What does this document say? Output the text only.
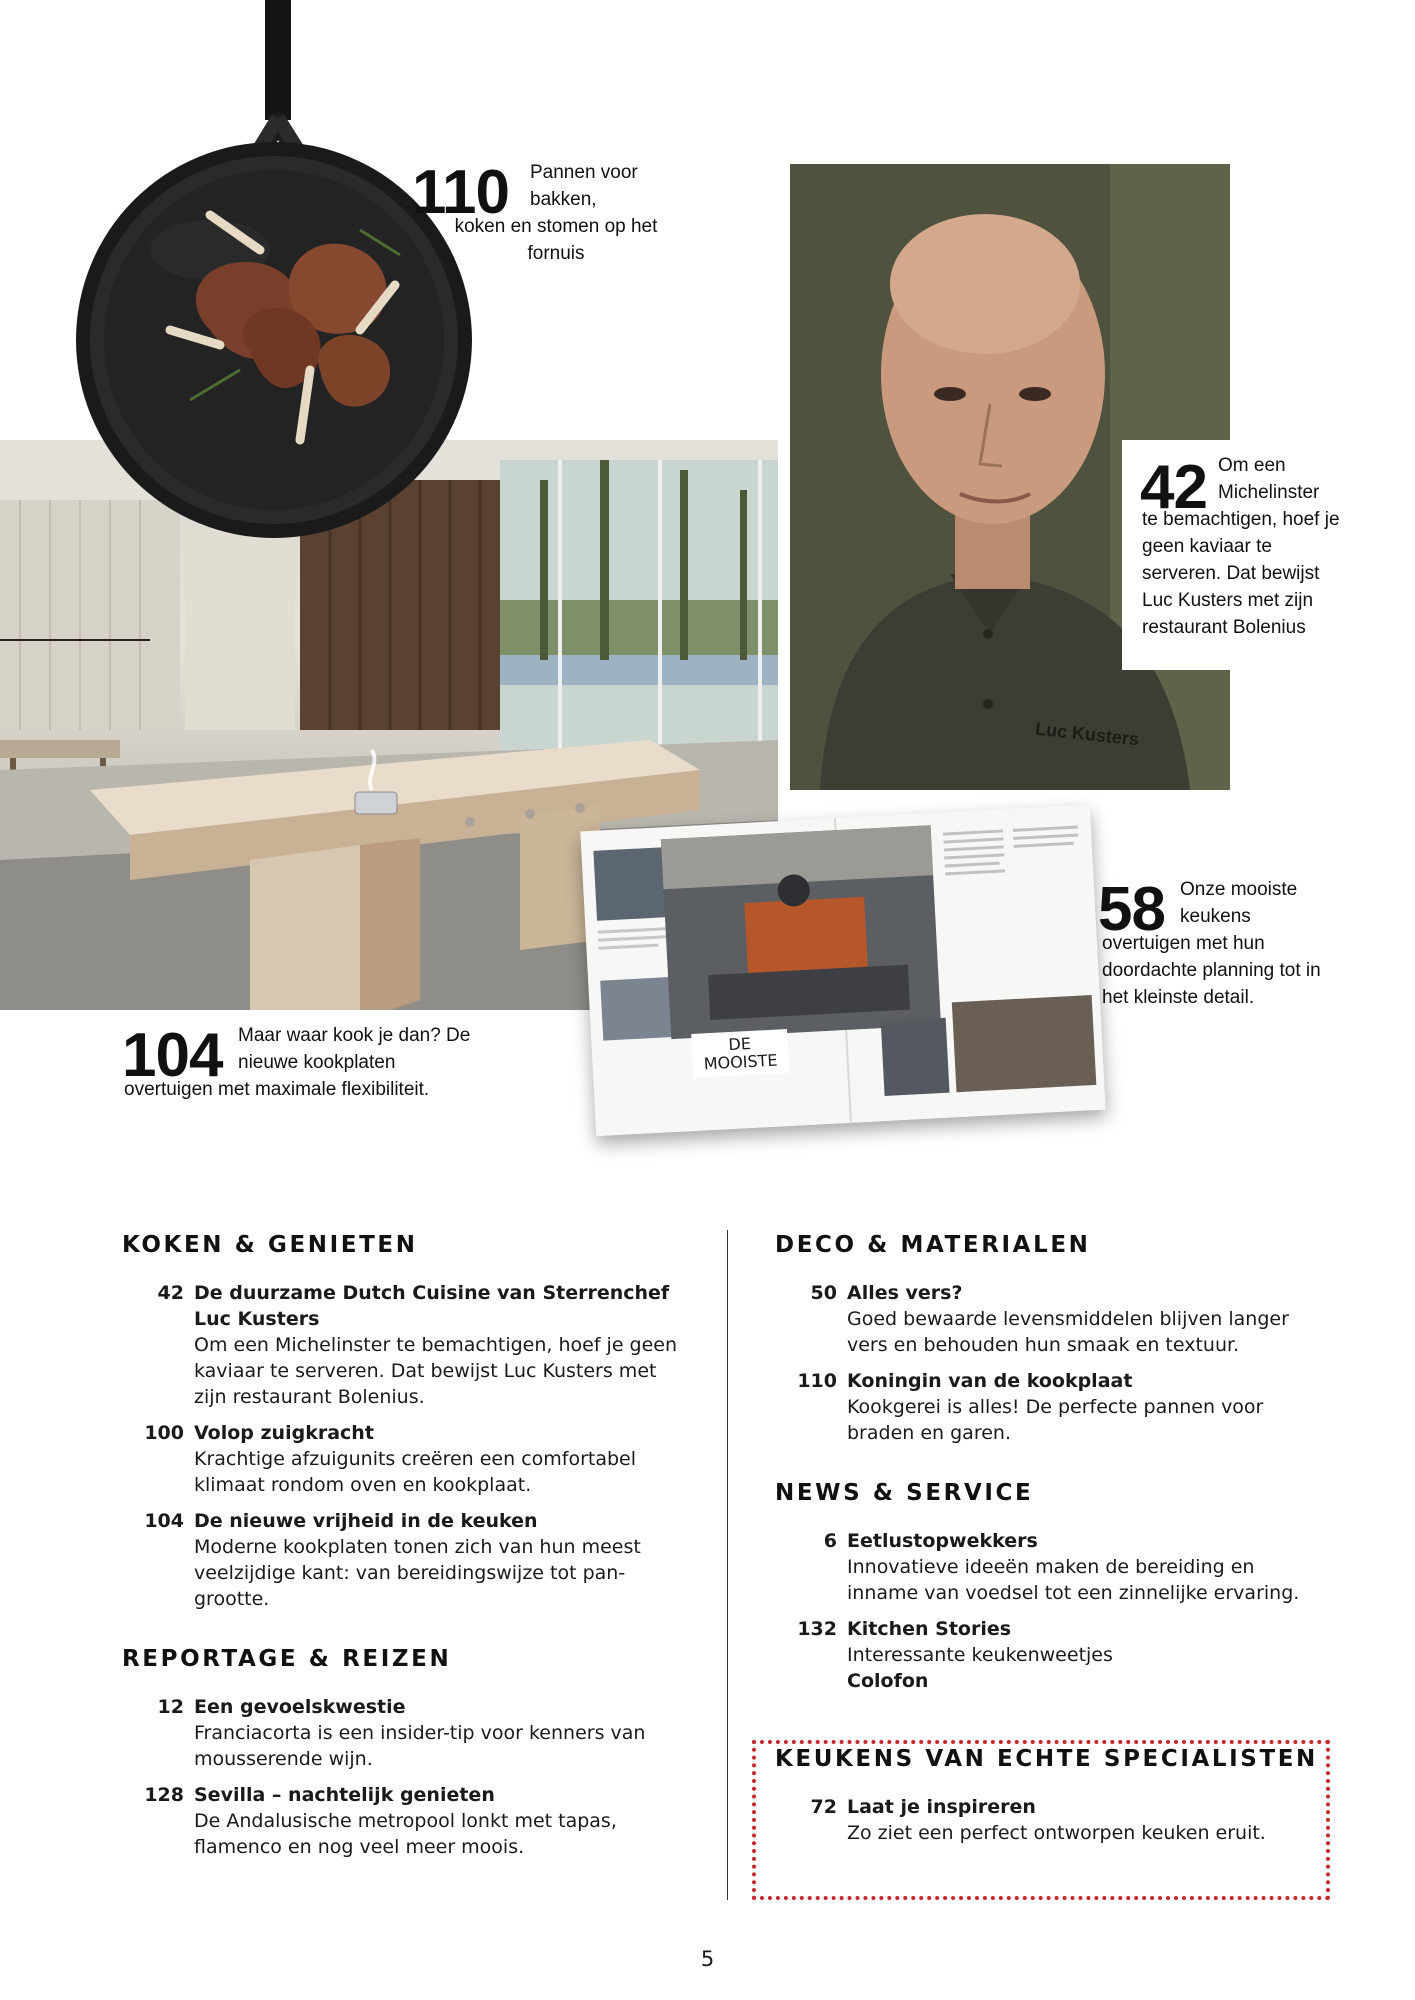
Luc Kusters
DE MOOISTE
110 Pannen voor bakken,
koken en stomen op het fornuis
42 Om een Michelinster
te bemachtigen, hoef je geen kaviaar te serveren. Dat bewijst Luc Kusters met zijn restaurant Bolenius
58 Onze mooiste keukens
overtuigen met hun doordachte planning tot in het kleinste detail.
104 Maar waar kook je dan? De nieuwe kookplaten
overtuigen met maximale flexibiliteit.
KOKEN & GENIETEN
42 De duurzame Dutch Cuisine van Sterrenchef Luc Kusters
Om een Michelinster te bemachtigen, hoef je geen kaviaar te serveren. Dat bewijst Luc Kusters met zijn restaurant Bolenius.
100 Volop zuigkracht
Krachtige afzuigunits creëren een comfortabel klimaat rondom oven en kookplaat.
104 De nieuwe vrijheid in de keuken
Moderne kookplaten tonen zich van hun meest veelzijdige kant: van bereidingswijze tot pan-grootte.
REPORTAGE & REIZEN
12 Een gevoelskwestie
Franciacorta is een insider-tip voor kenners van mousserende wijn.
128 Sevilla – nachtelijk genieten
De Andalusische metropool lonkt met tapas, flamenco en nog veel meer moois.
DECO & MATERIALEN
50 Alles vers?
Goed bewaarde levensmiddelen blijven langer vers en behouden hun smaak en textuur.
110 Koningin van de kookplaat
Kookgerei is alles! De perfecte pannen voor braden en garen.
NEWS & SERVICE
6 Eetlustopwekkers
Innovatieve ideeën maken de bereiding en inname van voedsel tot een zinnelijke ervaring.
132 Kitchen Stories
Interessante keukenweetjes
Colofon
KEUKENS VAN ECHTE SPECIALISTEN
72 Laat je inspireren
Zo ziet een perfect ontworpen keuken eruit.
5
